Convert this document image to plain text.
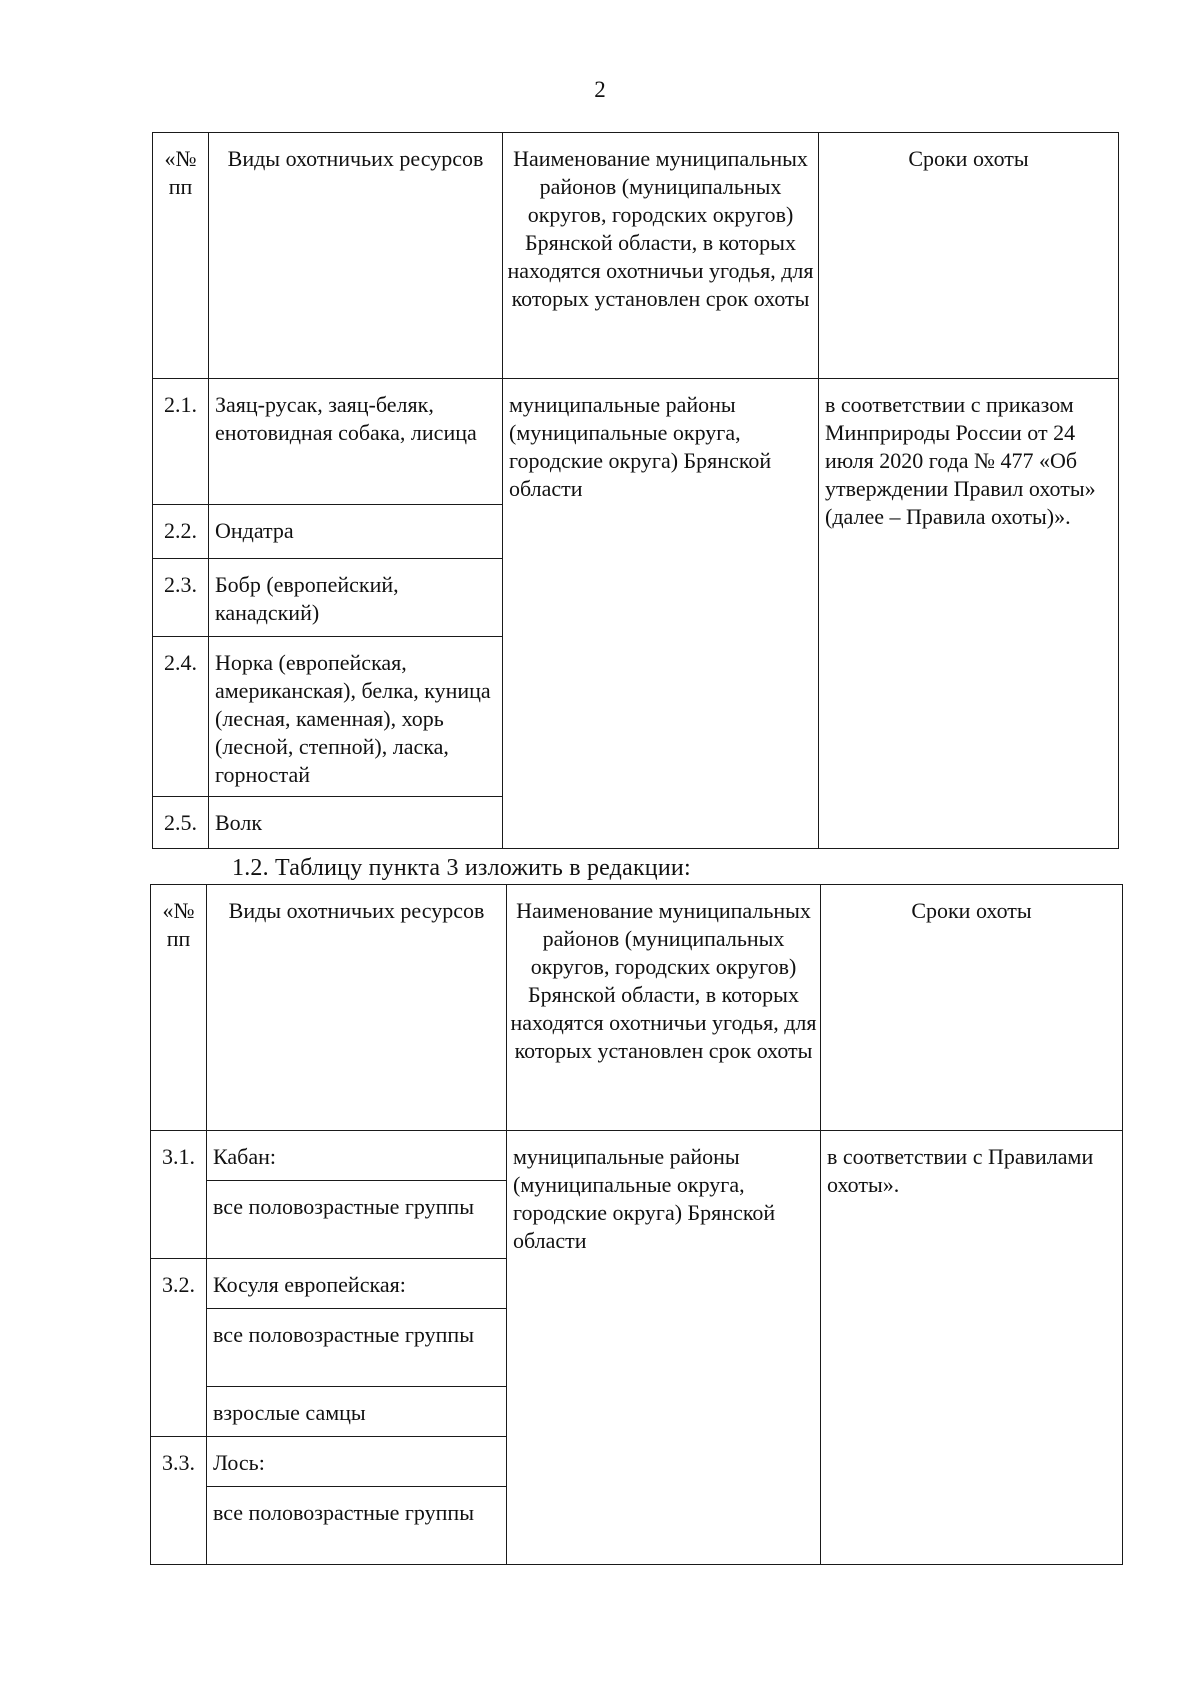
2
«№ пп	Виды охотничьих ресурсов	Наименование муниципальных районов (муниципальных округов, городских округов) Брянской области, в которых находятся охотничьи угодья, для которых установлен срок охоты	Сроки охоты
2.1.	Заяц-русак, заяц-беляк, енотовидная собака, лисица	муниципальные районы (муниципальные округа, городские округа) Брянской области	в соответствии с приказом Минприроды России от 24 июля 2020 года № 477 «Об утверждении Правил охоты» (далее – Правила охоты)».
2.2.	Ондатра		
2.3.	Бобр (европейский, канадский)		
2.4.	Норка (европейская, американская), белка, куница (лесная, каменная), хорь (лесной, степной), ласка, горностай		
2.5.	Волк		
1.2. Таблицу пункта 3 изложить в редакции:
«№ пп	Виды охотничьих ресурсов	Наименование муниципальных районов (муниципальных округов, городских округов) Брянской области, в которых находятся охотничьи угодья, для которых установлен срок охоты	Сроки охоты
3.1.	Кабан:	муниципальные районы (муниципальные округа, городские округа) Брянской области	в соответствии с Правилами охоты».
	все половозрастные группы		
3.2.	Косуля европейская:		
	все половозрастные группы		
	взрослые самцы		
3.3.	Лось:		
	все половозрастные группы		
